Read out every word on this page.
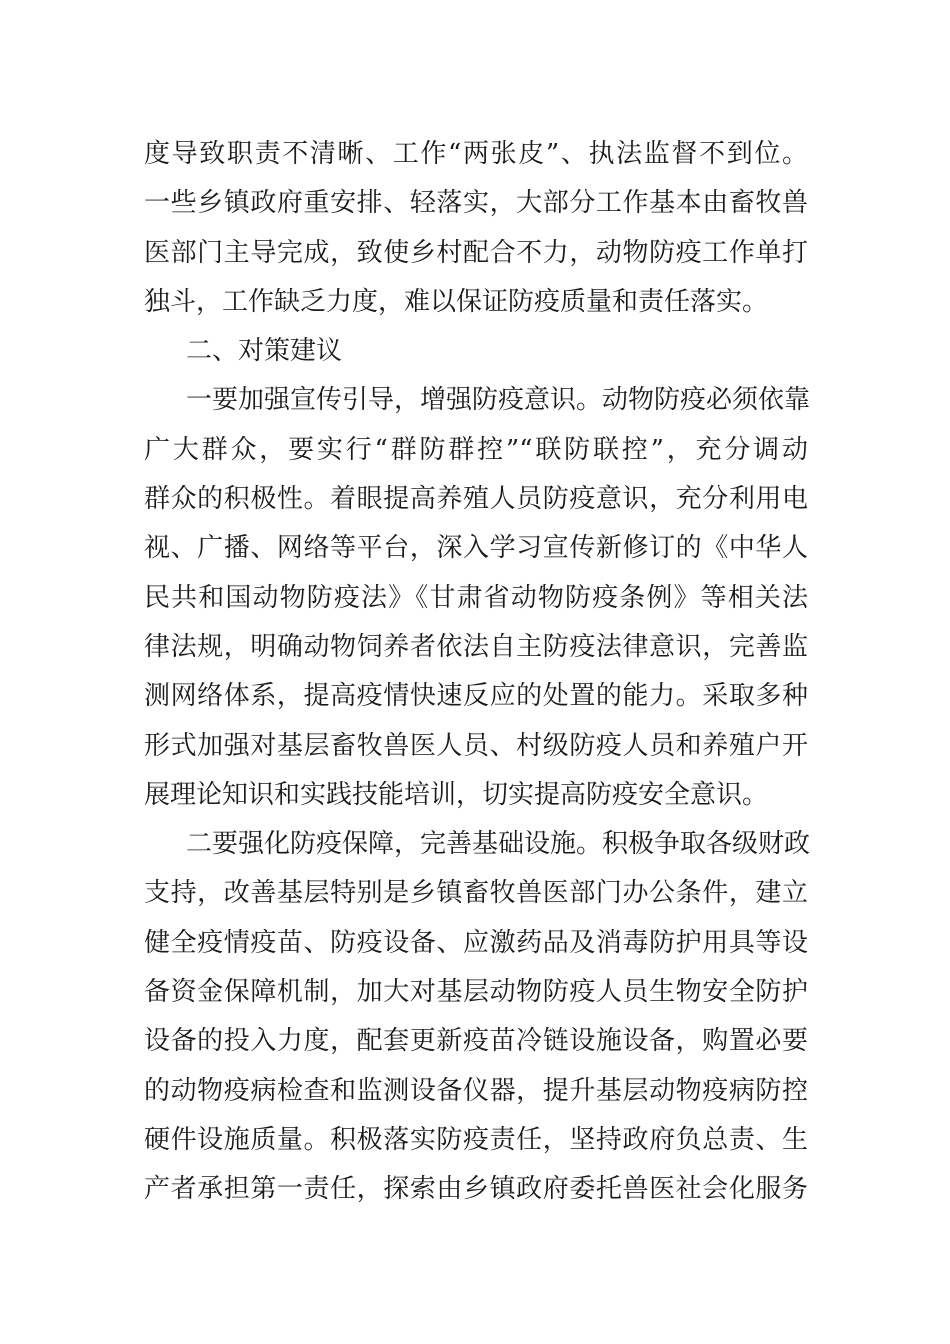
度导致职责不清晰、工作“两张皮”、执法监督不到位。
一些乡镇政府重安排、轻落实，大部分工作基本由畜牧兽
医部门主导完成，致使乡村配合不力，动物防疫工作单打
独斗，工作缺乏力度，难以保证防疫质量和责任落实。
二、对策建议
一要加强宣传引导，增强防疫意识。动物防疫必须依靠
广大群众，要实行“群防群控”“联防联控”，充分调动
群众的积极性。着眼提高养殖人员防疫意识，充分利用电
视、广播、网络等平台，深入学习宣传新修订的《中华人
民共和国动物防疫法》《甘肃省动物防疫条例》等相关法
律法规，明确动物饲养者依法自主防疫法律意识，完善监
测网络体系，提高疫情快速反应的处置的能力。采取多种
形式加强对基层畜牧兽医人员、村级防疫人员和养殖户开
展理论知识和实践技能培训，切实提高防疫安全意识。
二要强化防疫保障，完善基础设施。积极争取各级财政
支持，改善基层特别是乡镇畜牧兽医部门办公条件，建立
健全疫情疫苗、防疫设备、应激药品及消毒防护用具等设
备资金保障机制，加大对基层动物防疫人员生物安全防护
设备的投入力度，配套更新疫苗冷链设施设备，购置必要
的动物疫病检查和监测设备仪器，提升基层动物疫病防控
硬件设施质量。积极落实防疫责任，坚持政府负总责、生
产者承担第一责任，探索由乡镇政府委托兽医社会化服务
